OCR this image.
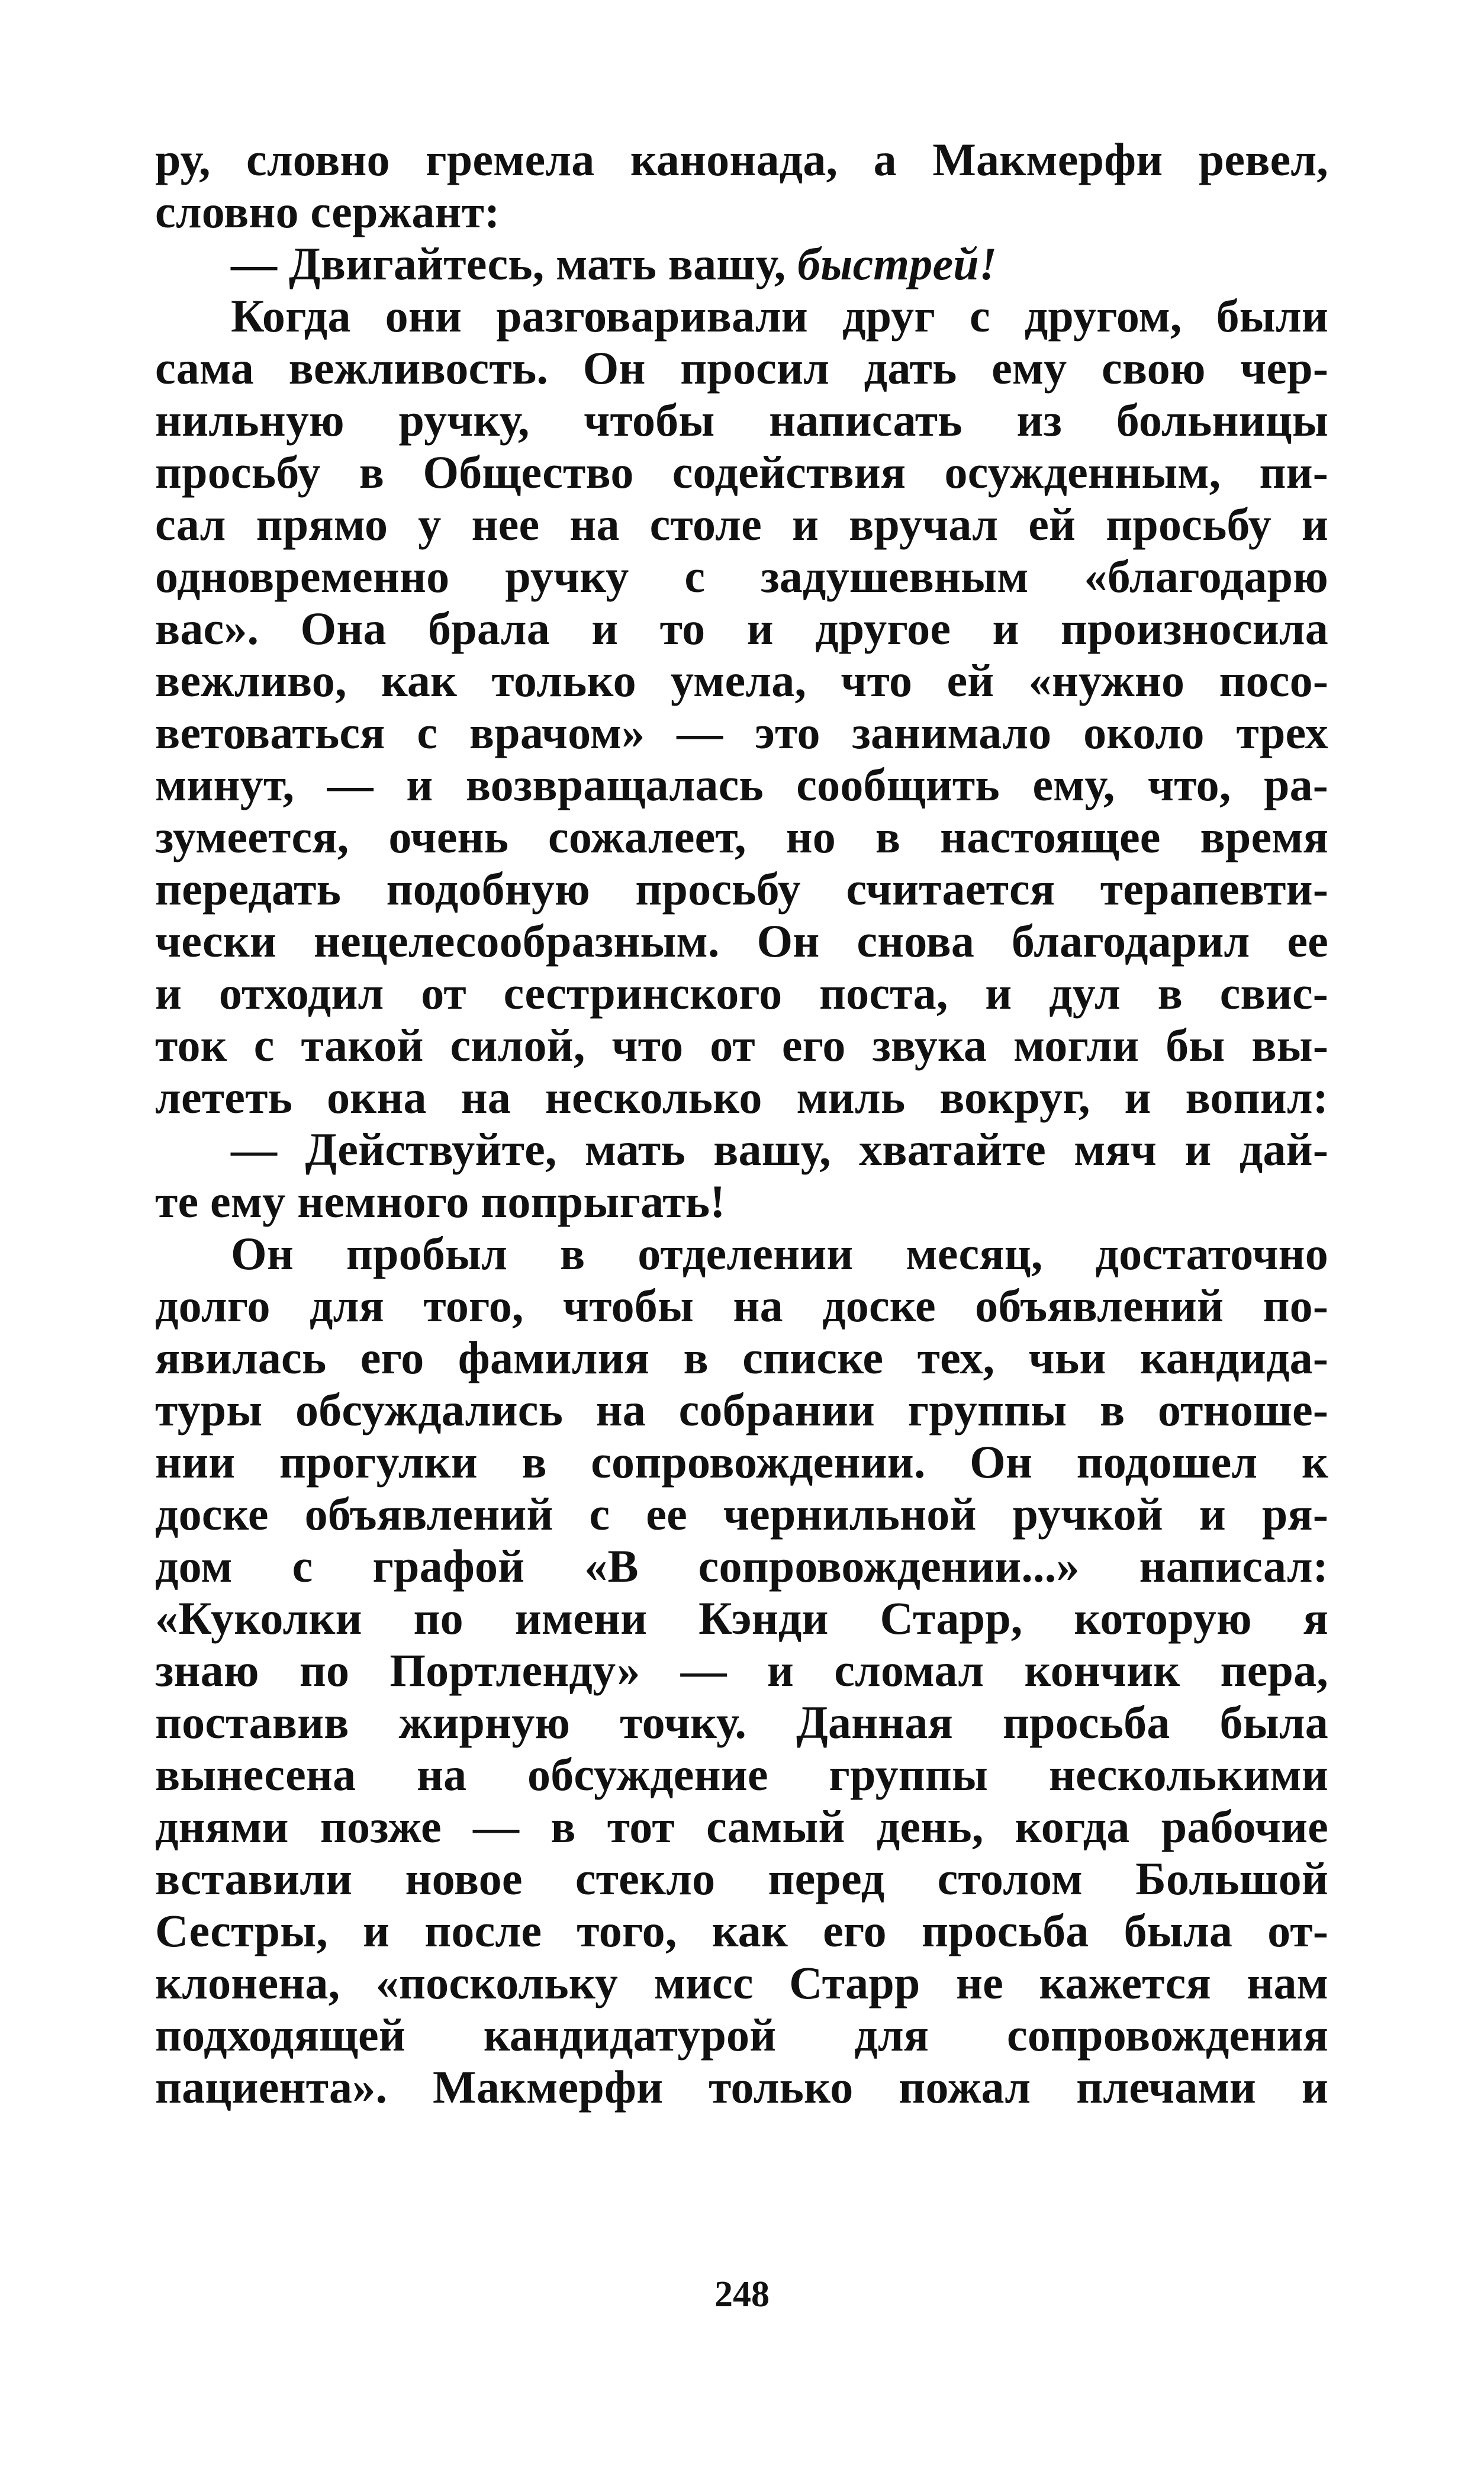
ру, словно гремела канонада, а Макмерфи ревел,
словно сержант:
— Двигайтесь, мать вашу, быстрей!
Когда они разговаривали друг с другом, были
сама вежливость. Он просил дать ему свою чер-
нильную ручку, чтобы написать из больницы
просьбу в Общество содействия осужденным, пи-
сал прямо у нее на столе и вручал ей просьбу и
одновременно ручку с задушевным «благодарю
вас». Она брала и то и другое и произносила
вежливо, как только умела, что ей «нужно посо-
ветоваться с врачом» — это занимало около трех
минут, — и возвращалась сообщить ему, что, ра-
зумеется, очень сожалеет, но в настоящее время
передать подобную просьбу считается терапевти-
чески нецелесообразным. Он снова благодарил ее
и отходил от сестринского поста, и дул в свис-
ток с такой силой, что от его звука могли бы вы-
лететь окна на несколько миль вокруг, и вопил:
— Действуйте, мать вашу, хватайте мяч и дай-
те ему немного попрыгать!
Он пробыл в отделении месяц, достаточно
долго для того, чтобы на доске объявлений по-
явилась его фамилия в списке тех, чьи кандида-
туры обсуждались на собрании группы в отноше-
нии прогулки в сопровождении. Он подошел к
доске объявлений с ее чернильной ручкой и ря-
дом с графой «В сопровождении...» написал:
«Куколки по имени Кэнди Старр, которую я
знаю по Портленду» — и сломал кончик пера,
поставив жирную точку. Данная просьба была
вынесена на обсуждение группы несколькими
днями позже — в тот самый день, когда рабочие
вставили новое стекло перед столом Большой
Сестры, и после того, как его просьба была от-
клонена, «поскольку мисс Старр не кажется нам
подходящей кандидатурой для сопровождения
пациента». Макмерфи только пожал плечами и
248
